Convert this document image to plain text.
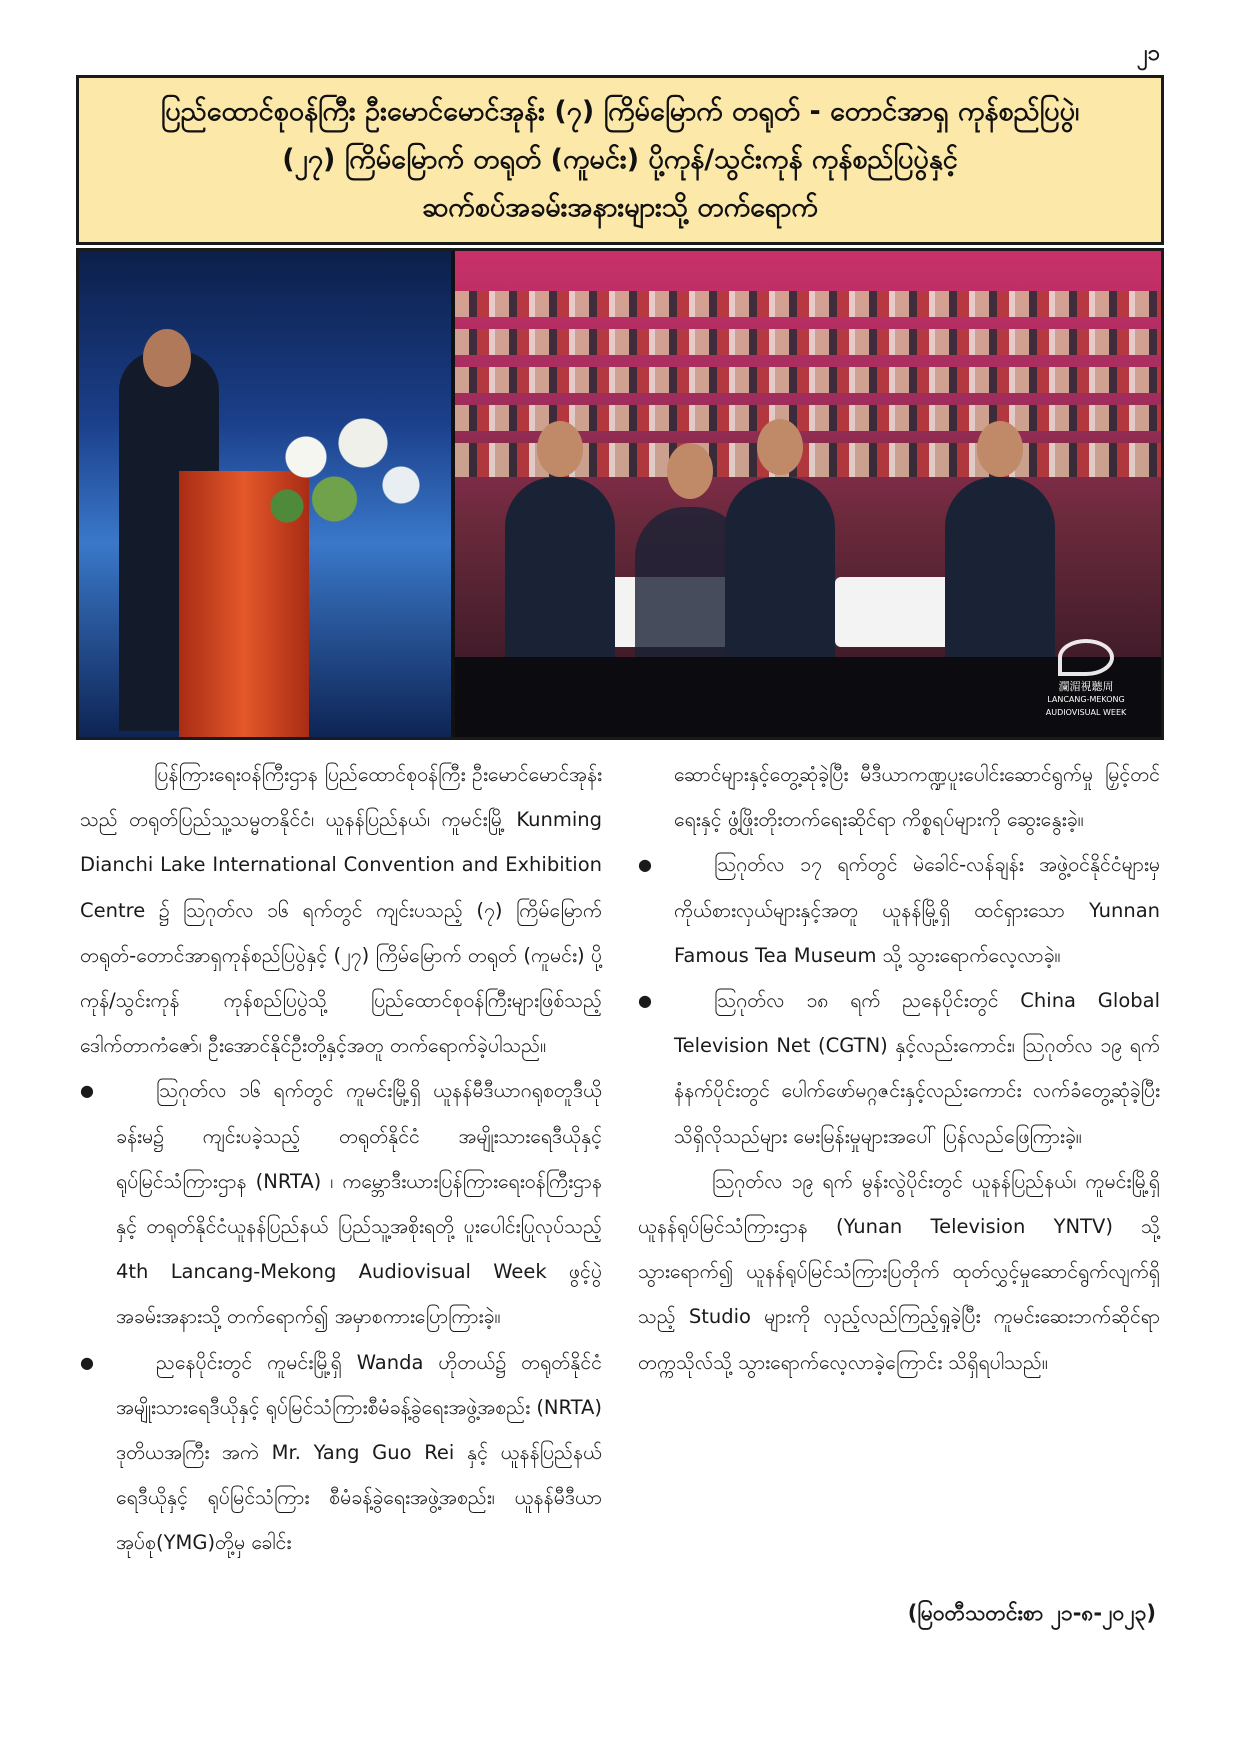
၂၁
ပြည်ထောင်စုဝန်ကြီး ဦးမောင်မောင်အုန်း (၇) ကြိမ်မြောက် တရုတ် - တောင်အာရှ ကုန်စည်ပြပွဲ၊
(၂၇) ကြိမ်မြောက် တရုတ် (ကူမင်း) ပို့ကုန်/သွင်းကုန် ကုန်စည်ပြပွဲနှင့်
ဆက်စပ်အခမ်းအနားများသို့ တက်ရောက်
瀾湄視聽周
LANCANG-MEKONG AUDIOVISUAL WEEK

ပြန်ကြားရေးဝန်ကြီးဌာန ပြည်ထောင်စုဝန်ကြီး ဦးမောင်မောင်အုန်းသည် တရုတ်ပြည်သူ့သမ္မတနိုင်ငံ၊ ယူနန်ပြည်နယ်၊ ကူမင်းမြို့ Kunming Dianchi Lake International Convention and Exhibition Centre ၌ ဩဂုတ်လ ၁၆ ရက်တွင် ကျင်းပသည့် (၇) ကြိမ်မြောက် တရုတ်-တောင်အာရှကုန်စည်ပြပွဲနှင့် (၂၇) ကြိမ်မြောက် တရုတ် (ကူမင်း) ပို့ကုန်/သွင်းကုန် ကုန်စည်ပြပွဲသို့ ပြည်ထောင်စုဝန်ကြီးများဖြစ်သည့် ဒေါက်တာကံဇော်၊ ဦးအောင်နိုင်ဦးတို့နှင့်အတူ တက်ရောက်ခဲ့ပါသည်။

● ဩဂုတ်လ ၁၆ ရက်တွင် ကူမင်းမြို့ရှိ ယူနန်မီဒီယာဂရုစတူဒီယိုခန်းမ၌ ကျင်းပခဲ့သည့် တရုတ်နိုင်ငံ အမျိုးသားရေဒီယိုနှင့် ရုပ်မြင်သံကြားဌာန (NRTA) ၊ ကမ္ဘောဒီးယားပြန်ကြားရေးဝန်ကြီးဌာနနှင့် တရုတ်နိုင်ငံယူနန်ပြည်နယ် ပြည်သူ့အစိုးရတို့ ပူးပေါင်းပြုလုပ်သည့် 4th Lancang-Mekong Audiovisual Week ဖွင့်ပွဲအခမ်းအနားသို့ တက်ရောက်၍ အမှာစကားပြောကြားခဲ့။
● ညနေပိုင်းတွင် ကူမင်းမြို့ရှိ Wanda ဟိုတယ်၌ တရုတ်နိုင်ငံ အမျိုးသားရေဒီယိုနှင့် ရုပ်မြင်သံကြားစီမံခန့်ခွဲရေးအဖွဲ့အစည်း (NRTA) ဒုတိယအကြီး အကဲ Mr. Yang Guo Rei နှင့် ယူနန်ပြည်နယ် ရေဒီယိုနှင့် ရုပ်မြင်သံကြား စီမံခန့်ခွဲရေးအဖွဲ့အစည်း၊ ယူနန်မီဒီယာအုပ်စု(YMG)တို့မှ ခေါင်း

ဆောင်များနှင့်တွေ့ဆုံခဲ့ပြီး မီဒီယာကဏ္ဍပူးပေါင်းဆောင်ရွက်မှု မြှင့်တင်ရေးနှင့် ဖွံ့ဖြိုးတိုးတက်ရေးဆိုင်ရာ ကိစ္စရပ်များကို ဆွေးနွေးခဲ့။

● ဩဂုတ်လ ၁၇ ရက်တွင် မဲခေါင်-လန်ချန်း အဖွဲ့ဝင်နိုင်ငံများမှ ကိုယ်စားလှယ်များနှင့်အတူ ယူနန်မြို့ရှိ ထင်ရှားသော Yunnan Famous Tea Museum သို့ သွားရောက်လေ့လာခဲ့။
● ဩဂုတ်လ ၁၈ ရက် ညနေပိုင်းတွင် China Global Television Net (CGTN) နှင့်လည်းကောင်း၊ ဩဂုတ်လ ၁၉ ရက်နံနက်ပိုင်းတွင် ပေါက်ဖော်မဂ္ဂဇင်းနှင့်လည်းကောင်း လက်ခံတွေ့ဆုံခဲ့ပြီး သိရှိလိုသည်များ မေးမြန်းမှုများအပေါ် ပြန်လည်ဖြေကြားခဲ့။

ဩဂုတ်လ ၁၉ ရက် မွန်းလွဲပိုင်းတွင် ယူနန်ပြည်နယ်၊ ကူမင်းမြို့ရှိ ယူနန်ရုပ်မြင်သံကြားဌာန (Yunan Television YNTV) သို့ သွားရောက်၍ ယူနန်ရုပ်မြင်သံကြားပြတိုက် ထုတ်လွှင့်မှုဆောင်ရွက်လျက်ရှိသည့် Studio များကို လှည့်လည်ကြည့်ရှုခဲ့ပြီး ကူမင်းဆေးဘက်ဆိုင်ရာတက္ကသိုလ်သို့ သွားရောက်လေ့လာခဲ့ကြောင်း သိရှိရပါသည်။

(မြဝတီသတင်းစာ ၂၁-၈-၂၀၂၃)
